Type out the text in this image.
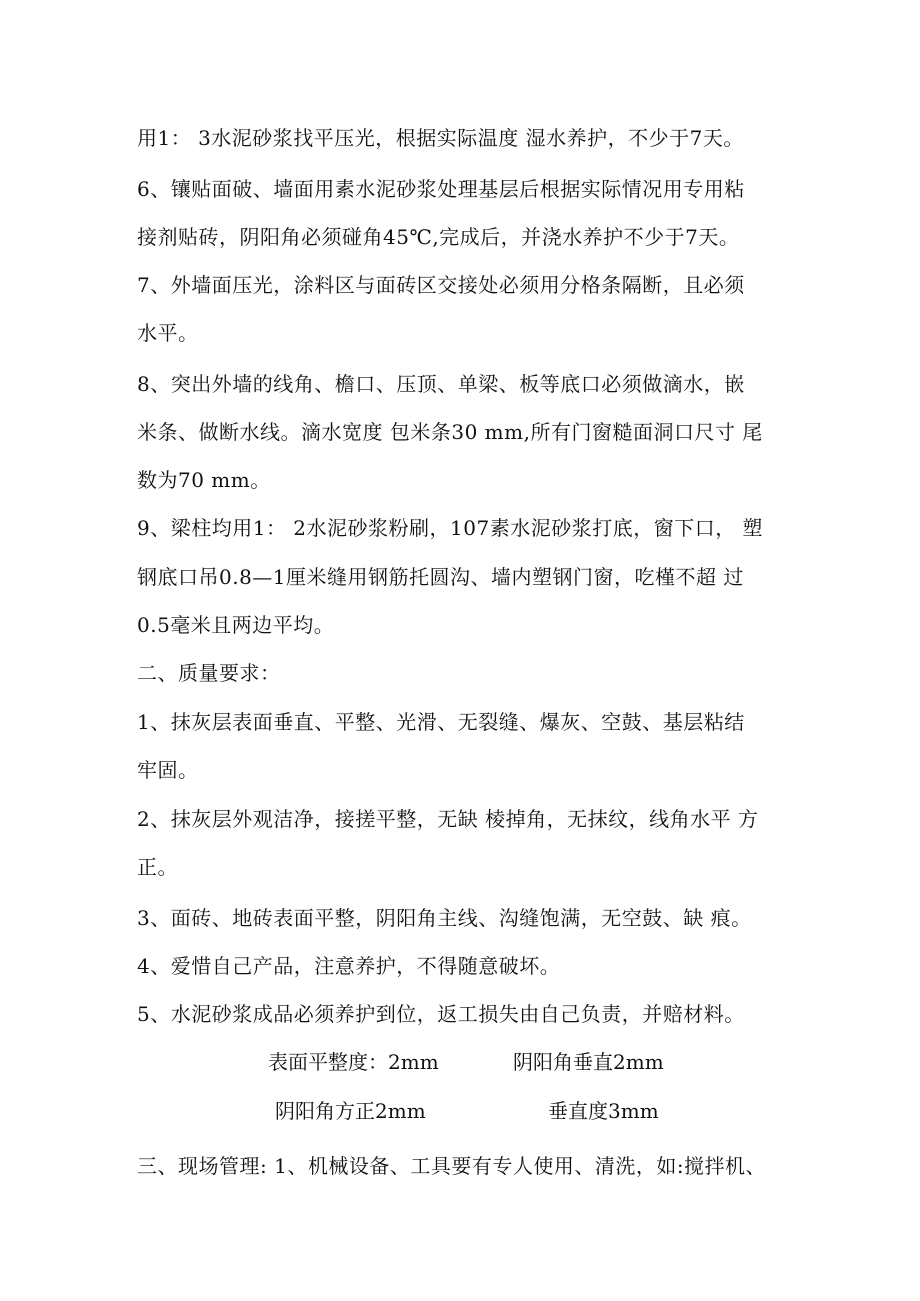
用1： 3水泥砂浆找平压光，根据实际温度 湿水养护，不少于7天。
6、镶贴面破、墙面用素水泥砂浆处理基层后根据实际情况用专用粘
接剂贴砖，阴阳角必须碰角45℃,完成后，并浇水养护不少于7天。
7、外墙面压光，涂料区与面砖区交接处必须用分格条隔断，且必须
水平。
8、突出外墙的线角、檐口、压顶、单梁、板等底口必须做滴水，嵌
米条、做断水线。滴水宽度 包米条30 mm,所有门窗糙面洞口尺寸 尾
数为70 mm。
9、梁柱均用1： 2水泥砂浆粉刷，107素水泥砂浆打底，窗下口， 塑
钢底口吊0.8—1厘米缝用钢筋托圆沟、墙内塑钢门窗，吃槿不超 过
0.5毫米且两边平均。
二、质量要求：
1、抹灰层表面垂直、平整、光滑、无裂缝、爆灰、空鼓、基层粘结
牢固。
2、抹灰层外观洁净，接搓平整，无缺 棱掉角，无抹纹，线角水平 方
正。
3、面砖、地砖表面平整，阴阳角主线、沟缝饱满，无空鼓、缺 痕。
4、爱惜自己产品，注意养护，不得随意破坏。
5、水泥砂浆成品必须养护到位，返工损失由自己负责，并赔材料。
表面平整度：2mm	阴阳角垂直2mm
阴阳角方正2mm	垂直度3mm
三、现场管理: 1、机械设备、工具要有专人使用、清洗，如:搅拌机、
